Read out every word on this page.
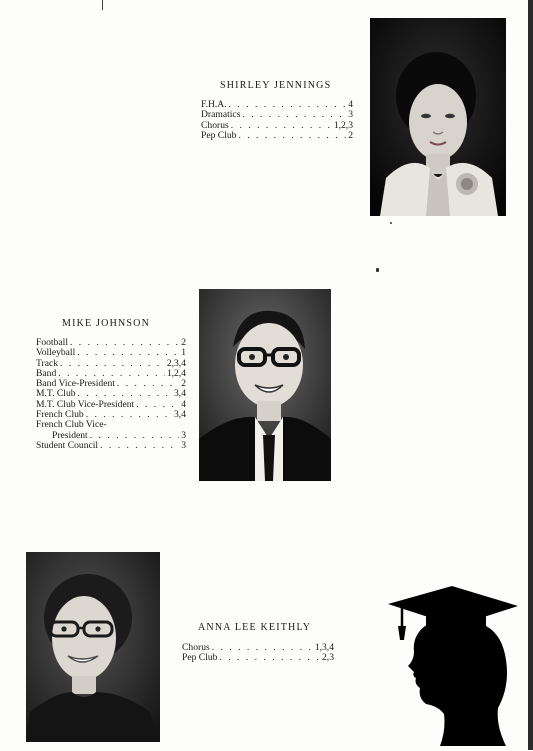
SHIRLEY JENNINGS
F.H.A. . . .	4
Dramatics . . .	3
Chorus . . .	1,2,3
Pep Club . . .	2
MIKE JOHNSON
Football . . .	2
Volleyball . . .	1
Track . . .	2,3,4
Band . . .	1,2,4
Band Vice-President . . .	2
M.T. Club . . .	3,4
M.T. Club Vice-President . . .	4
French Club . . .	3,4
French Club Vice-
President . . .	3
Student Council . . .	3
ANNA LEE KEITHLY
Chorus . . .	1,3,4
Pep Club . . .	2,3
